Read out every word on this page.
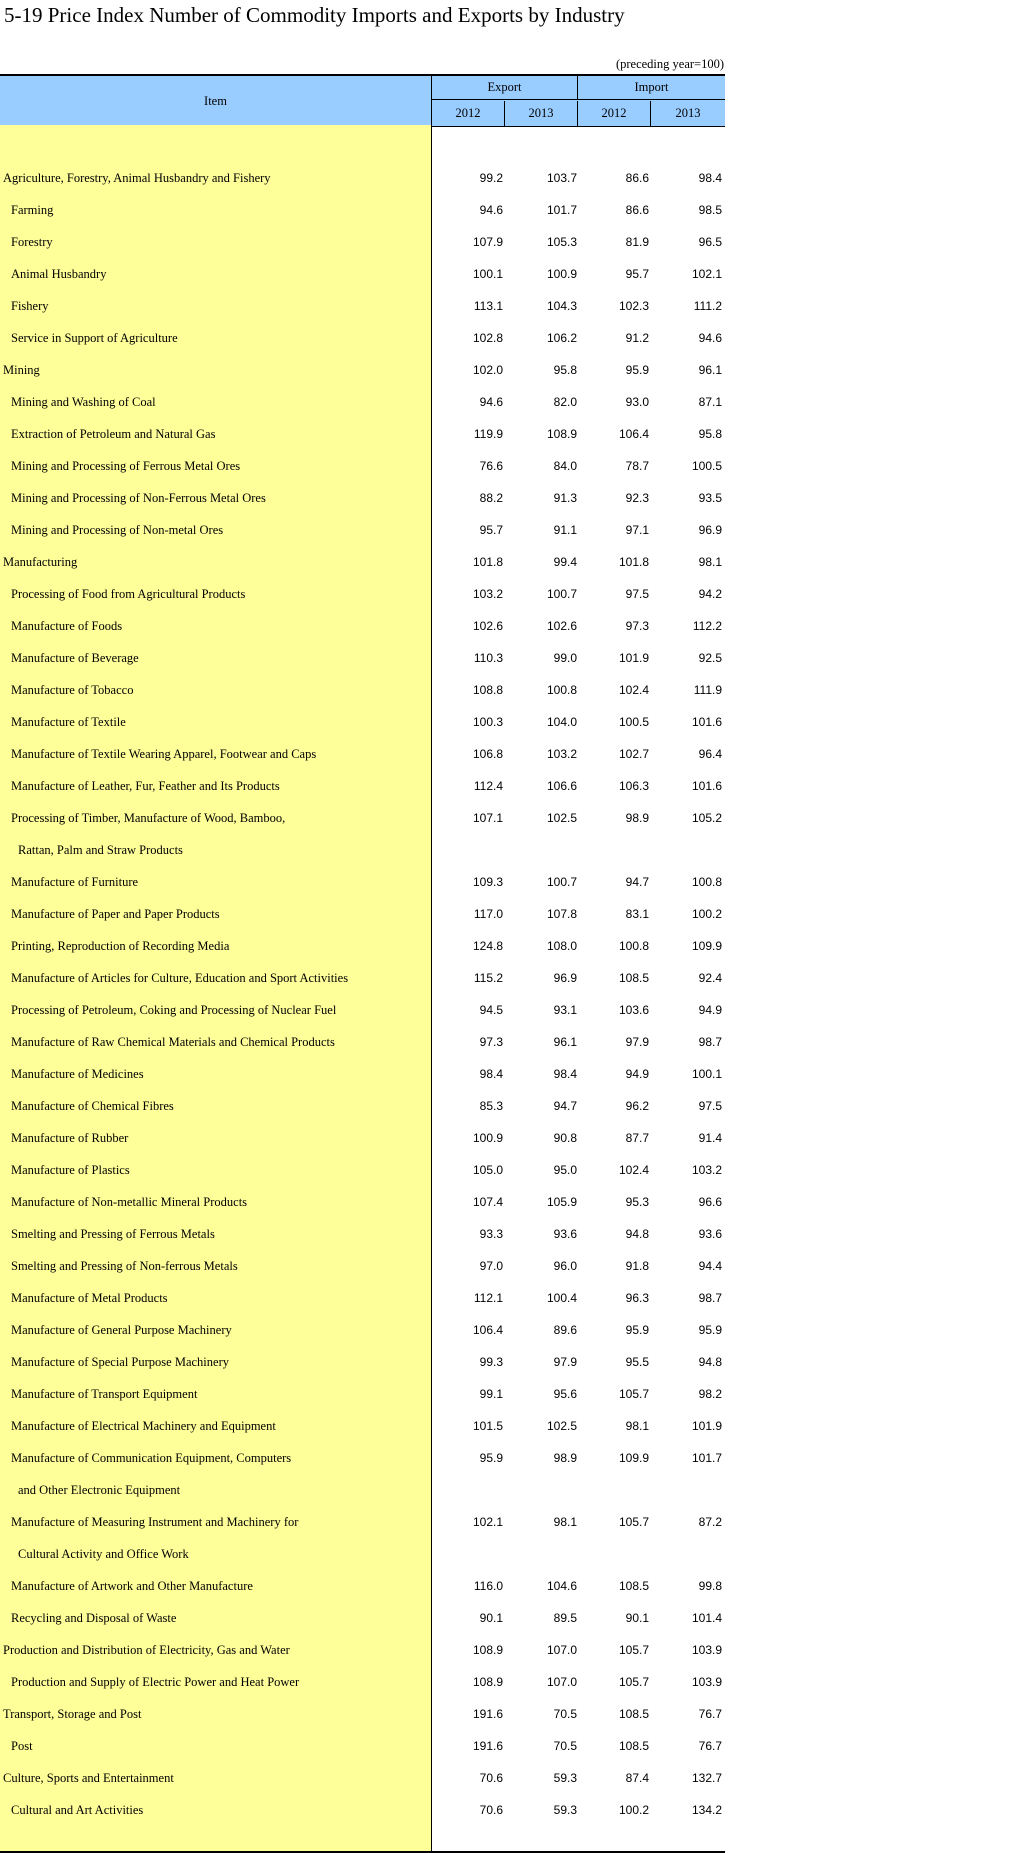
5-19 Price Index Number of Commodity Imports and Exports by Industry
(preceding year=100)
Item
Export	Import
2012	2013	2012	2013
Agriculture, Forestry, Animal Husbandry and Fishery	99.2	103.7	86.6	98.4
Farming	94.6	101.7	86.6	98.5
Forestry	107.9	105.3	81.9	96.5
Animal Husbandry	100.1	100.9	95.7	102.1
Fishery	113.1	104.3	102.3	111.2
Service in Support of Agriculture	102.8	106.2	91.2	94.6
Mining	102.0	95.8	95.9	96.1
Mining and Washing of Coal	94.6	82.0	93.0	87.1
Extraction of Petroleum and Natural Gas	119.9	108.9	106.4	95.8
Mining and Processing of Ferrous Metal Ores	76.6	84.0	78.7	100.5
Mining and Processing of Non-Ferrous Metal Ores	88.2	91.3	92.3	93.5
Mining and Processing of Non-metal Ores	95.7	91.1	97.1	96.9
Manufacturing	101.8	99.4	101.8	98.1
Processing of Food from Agricultural Products	103.2	100.7	97.5	94.2
Manufacture of Foods	102.6	102.6	97.3	112.2
Manufacture of Beverage	110.3	99.0	101.9	92.5
Manufacture of Tobacco	108.8	100.8	102.4	111.9
Manufacture of Textile	100.3	104.0	100.5	101.6
Manufacture of Textile Wearing Apparel, Footwear and Caps	106.8	103.2	102.7	96.4
Manufacture of Leather, Fur, Feather and Its Products	112.4	106.6	106.3	101.6
Processing of Timber, Manufacture of Wood, Bamboo,	107.1	102.5	98.9	105.2
Rattan, Palm and Straw Products
Manufacture of Furniture	109.3	100.7	94.7	100.8
Manufacture of Paper and Paper Products	117.0	107.8	83.1	100.2
Printing, Reproduction of Recording Media	124.8	108.0	100.8	109.9
Manufacture of Articles for Culture, Education and Sport Activities	115.2	96.9	108.5	92.4
Processing of Petroleum, Coking and Processing of Nuclear Fuel	94.5	93.1	103.6	94.9
Manufacture of Raw Chemical Materials and Chemical Products	97.3	96.1	97.9	98.7
Manufacture of Medicines	98.4	98.4	94.9	100.1
Manufacture of Chemical Fibres	85.3	94.7	96.2	97.5
Manufacture of Rubber	100.9	90.8	87.7	91.4
Manufacture of Plastics	105.0	95.0	102.4	103.2
Manufacture of Non-metallic Mineral Products	107.4	105.9	95.3	96.6
Smelting and Pressing of Ferrous Metals	93.3	93.6	94.8	93.6
Smelting and Pressing of Non-ferrous Metals	97.0	96.0	91.8	94.4
Manufacture of Metal Products	112.1	100.4	96.3	98.7
Manufacture of General Purpose Machinery	106.4	89.6	95.9	95.9
Manufacture of Special Purpose Machinery	99.3	97.9	95.5	94.8
Manufacture of Transport Equipment	99.1	95.6	105.7	98.2
Manufacture of Electrical Machinery and Equipment	101.5	102.5	98.1	101.9
Manufacture of Communication Equipment, Computers	95.9	98.9	109.9	101.7
and Other Electronic Equipment
Manufacture of Measuring Instrument and Machinery for	102.1	98.1	105.7	87.2
Cultural Activity and Office Work
Manufacture of Artwork and Other Manufacture	116.0	104.6	108.5	99.8
Recycling and Disposal of Waste	90.1	89.5	90.1	101.4
Production and Distribution of Electricity, Gas and Water	108.9	107.0	105.7	103.9
Production and Supply of Electric Power and Heat Power	108.9	107.0	105.7	103.9
Transport, Storage and Post	191.6	70.5	108.5	76.7
Post	191.6	70.5	108.5	76.7
Culture, Sports and Entertainment	70.6	59.3	87.4	132.7
Cultural and Art Activities	70.6	59.3	100.2	134.2
